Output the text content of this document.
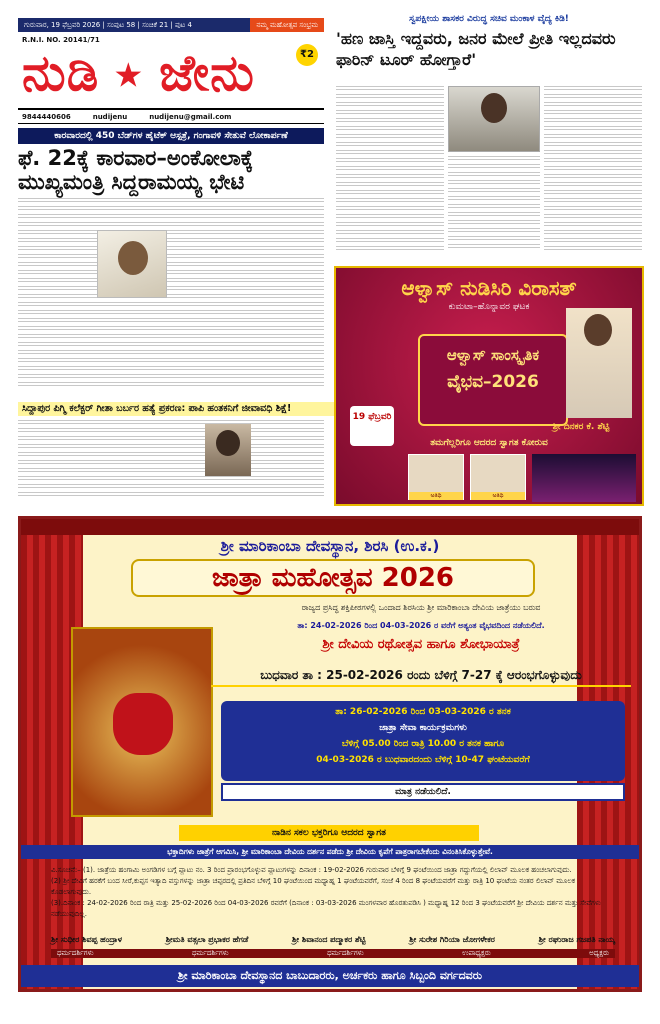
ಗುರುವಾರ, 19 ಫೆಬ್ರವರಿ 2026 | ಸಂಪುಟ 58 | ಸಂಚಿಕೆ 21 | ಪುಟ 4	ನಮ್ಮ ಮಹೋತ್ಸವ ಸಂಭ್ರಮ
R.N.I. NO. 20141/71
ನುಡಿ ⭑ ಜೇನು	₹2
9844440606	nudijenu	nudijenu@gmail.com
ಕಾರವಾರದಲ್ಲಿ 450 ಬೆಡ್‌ಗಳ ಹೈಟೆಕ್ ಆಸ್ಪತ್ರೆ, ಗಂಗಾವಳಿ ಸೇತುವೆ ಲೋಕಾರ್ಪಣೆ
ಫೆ. 22ಕ್ಕೆ ಕಾರವಾರ–ಅಂಕೋಲಾಕ್ಕೆ ಮುಖ್ಯಮಂತ್ರಿ ಸಿದ್ದರಾಮಯ್ಯ ಭೇಟಿ
ಸಿದ್ದಾಪುರ ಪಿಗ್ಮಿ ಕಲೆಕ್ಟರ್ ಗೀತಾ ಬರ್ಬರ ಹತ್ಯೆ ಪ್ರಕರಣ: ಪಾಪಿ ಹಂತಕನಿಗೆ ಜೀವಾವಧಿ ಶಿಕ್ಷೆ!
ಸ್ವಪಕ್ಷೀಯ ಶಾಸಕರ ವಿರುದ್ಧ ಸಚಿವ ಮಂಕಾಳ ವೈದ್ಯ ಕಿಡಿ!
'ಹಣ ಜಾಸ್ತಿ ಇದ್ದವರು, ಜನರ ಮೇಲೆ ಪ್ರೀತಿ ಇಲ್ಲದವರು ಫಾರಿನ್ ಟೂರ್ ಹೋಗ್ತಾರೆ'
ಆಳ್ವಾಸ್ ನುಡಿಸಿರಿ ವಿರಾಸತ್
ಕುಮಟಾ–ಹೊನ್ನಾವರ ಘಟಕ
ಆಳ್ವಾಸ್ ಸಾಂಸ್ಕೃತಿಕ
ವೈಭವ–2026
19 ಫೆಬ್ರವರಿ
ಶ್ರೀ ದಿನಕರ ಕೆ. ಶೆಟ್ಟಿ
ತಮಗೆಲ್ಲರಿಗೂ ಆದರದ ಸ್ವಾಗತ ಕೋರುವ
ಅತಿಥಿ	ಅತಿಥಿ
ಶ್ರೀ ಮಾರಿಕಾಂಬಾ ದೇವಸ್ಥಾನ, ಶಿರಸಿ (ಉ.ಕ.)
ಜಾತ್ರಾ ಮಹೋತ್ಸವ 2026
ರಾಜ್ಯದ ಪ್ರಸಿದ್ಧ ಶಕ್ತಿಪೀಠಗಳಲ್ಲಿ ಒಂದಾದ ಶಿರಸಿಯ ಶ್ರೀ ಮಾರಿಕಾಂಬಾ ದೇವಿಯ ಜಾತ್ರೆಯು ಬರುವ
ತಾ: 24-02-2026 ರಿಂದ 04-03-2026 ರ ವರೆಗೆ ಅತ್ಯಂತ ವೈಭವದಿಂದ ನಡೆಯಲಿದೆ.
ಶ್ರೀ ದೇವಿಯ ರಥೋತ್ಸವ ಹಾಗೂ ಶೋಭಾಯಾತ್ರೆ
ಬುಧವಾರ ತಾ : 25-02-2026 ರಂದು ಬೆಳಿಗ್ಗೆ 7-27 ಕ್ಕೆ ಆರಂಭಗೊಳ್ಳುವುದು
ತಾ: 26-02-2026 ರಿಂದ 03-03-2026 ರ ತನಕ
ಜಾತ್ರಾ ಸೇವಾ ಕಾರ್ಯಕ್ರಮಗಳು
ಬೆಳಿಗ್ಗೆ 05.00 ರಿಂದ ರಾತ್ರಿ 10.00 ರ ತನಕ ಹಾಗೂ
04-03-2026 ರ ಬುಧವಾರದಂದು ಬೆಳಿಗ್ಗೆ 10-47 ಘಂಟೆಯವರೆಗೆ
ಮಾತ್ರ ನಡೆಯಲಿದೆ.
ನಾಡಿನ ಸಕಲ ಭಕ್ತರಿಗೂ ಆದರದ ಸ್ವಾಗತ
ಭಕ್ತಾದಿಗಳು ಜಾತ್ರೆಗೆ ಆಗಮಿಸಿ, ಶ್ರೀ ಮಾರಿಕಾಂಬಾ ದೇವಿಯ ದರ್ಶನ ಪಡೆದು ಶ್ರೀ ದೇವಿಯ ಕೃಪೆಗೆ ಪಾತ್ರರಾಗಬೇಕೆಂದು ವಿನಂತಿಸಿಕೊಳ್ಳುತ್ತೇವೆ.
ವಿ.ಸೂಚನೆ:– (1). ಜಾತ್ರೆಯ ಹಂಗಾಮಿ ಅಂಗಡಿಗಳ ಬಗ್ಗೆ ಪ್ಲಾಟು ನಂ. 3 ರಿಂದ ಪ್ರಾರಂಭಗೊಳ್ಳುವ ಪ್ಲಾಟುಗಳನ್ನು ದಿನಾಂಕ : 19-02-2026 ಗುರುವಾರ ಬೆಳಿಗ್ಗೆ 9 ಘಂಟೆಯಿಂದ ಜಾತ್ರಾ ಗದ್ದುಗೆಯಲ್ಲಿ ಲಿಲಾವ್ ಮೂಲಕ ಹಂಚಲಾಗುವುದು.
(2) ಶ್ರೀ ದೇವಿಗೆ ಹರಕೆಗೆ ಬಂದ ಸೀರೆ,ಕುಪ್ಪಸ ಇತ್ಯಾದಿ ವಸ್ತುಗಳನ್ನು ಜಾತ್ರಾ ಚಪ್ಪರದಲ್ಲಿ ಪ್ರತಿದಿನ ಬೆಳಿಗ್ಗೆ 10 ಘಂಟೆಯಿಂದ ಮಧ್ಯಾಹ್ನ 1 ಘಂಟೆಯವರೆಗೆ, ಸಂಜೆ 4 ರಿಂದ 8 ಘಂಟೆಯವರೆಗೆ ಮತ್ತು ರಾತ್ರಿ 10 ಘಂಟೆಯ ನಂತರ ಲಿಲಾವ್ ಮೂಲಕ ಕೊಡಲಾಗುವುದು.
(3).ದಿನಾಂಕ : 24-02-2026 ರಿಂದ ರಾತ್ರಿ ಮತ್ತು 25-02-2026 ರಿಂದ 04-03-2026 ರವರೆಗೆ (ದಿನಾಂಕ : 03-03-2026 ಮಂಗಳವಾರ ಹೊರತುಪಡಿಸಿ ) ಮಧ್ಯಾಹ್ನ 12 ರಿಂದ 3 ಘಂಟೆಯವರೆಗೆ ಶ್ರೀ ದೇವಿಯ ದರ್ಶನ ಮತ್ತು ಸೇವೆಗಳು ನಡೆಯುವುದಿಲ್ಲ.
ಶ್ರೀ ಸುಧೀರ ಶಿವಪ್ಪ ಹಂದ್ರಾಳ	ಶ್ರೀಮತಿ ವತ್ಸಲಾ ಪ್ರಭಾಕರ ಹೆಗಡೆ	ಶ್ರೀ ಶಿವಾನಂದ ಪದ್ಮಾಕರ ಶೆಟ್ಟಿ	ಶ್ರೀ ಸುರೇಶ ಗಿರಿಯಾ ಜೋಗಳೇಕರ	ಶ್ರೀ ರಘುರಾಜ ಗಜಪತಿ ನಾಯ್ಕ
ಧರ್ಮದರ್ಶಿಗಳು	ಧರ್ಮದರ್ಶಿಗಳು	ಧರ್ಮದರ್ಶಿಗಳು	ಉಪಾಧ್ಯಕ್ಷರು	ಅಧ್ಯಕ್ಷರು
ಶ್ರೀ ಮಾರಿಕಾಂಬಾ ದೇವಸ್ಥಾನದ ಬಾಬುದಾರರು, ಅರ್ಚಕರು ಹಾಗೂ ಸಿಬ್ಬಂದಿ ವರ್ಗದವರು
